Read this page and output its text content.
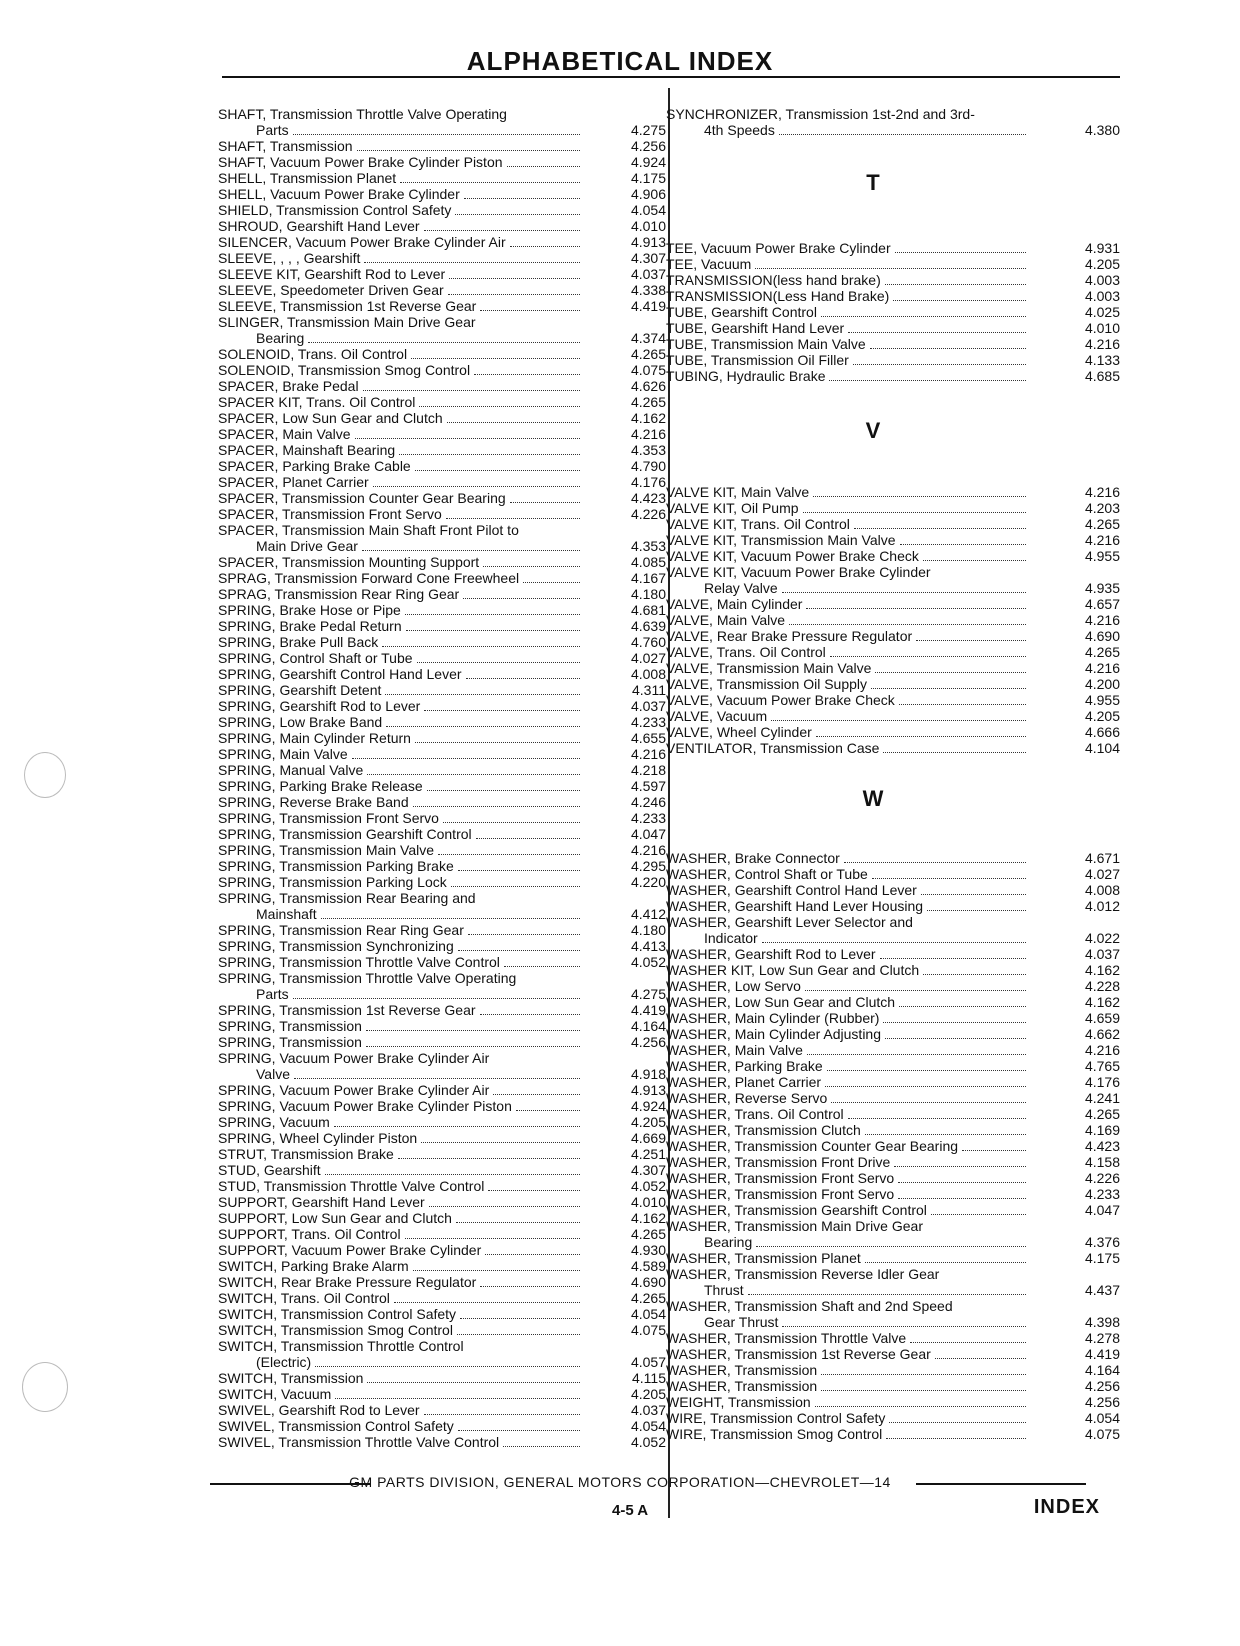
ALPHABETICAL INDEX
SHAFT, Transmission Throttle Valve Operating
Parts	4.275
SHAFT, Transmission	4.256
SHAFT, Vacuum Power Brake Cylinder Piston	4.924
SHELL, Transmission Planet	4.175
SHELL, Vacuum Power Brake Cylinder	4.906
SHIELD, Transmission Control Safety	4.054
SHROUD, Gearshift Hand Lever	4.010
SILENCER, Vacuum Power Brake Cylinder Air	4.913
SLEEVE, , , , Gearshift	4.307
SLEEVE KIT, Gearshift Rod to Lever	4.037
SLEEVE, Speedometer Driven Gear	4.338
SLEEVE, Transmission 1st Reverse Gear	4.419
SLINGER, Transmission Main Drive Gear
Bearing	4.374
SOLENOID, Trans. Oil Control	4.265
SOLENOID, Transmission Smog Control	4.075
SPACER, Brake Pedal	4.626
SPACER KIT, Trans. Oil Control	4.265
SPACER, Low Sun Gear and Clutch	4.162
SPACER, Main Valve	4.216
SPACER, Mainshaft Bearing	4.353
SPACER, Parking Brake Cable	4.790
SPACER, Planet Carrier	4.176
SPACER, Transmission Counter Gear Bearing	4.423
SPACER, Transmission Front Servo	4.226
SPACER, Transmission Main Shaft Front Pilot to
Main Drive Gear	4.353
SPACER, Transmission Mounting Support	4.085
SPRAG, Transmission Forward Cone Freewheel	4.167
SPRAG, Transmission Rear Ring Gear	4.180
SPRING, Brake Hose or Pipe	4.681
SPRING, Brake Pedal Return	4.639
SPRING, Brake Pull Back	4.760
SPRING, Control Shaft or Tube	4.027
SPRING, Gearshift Control Hand Lever	4.008
SPRING, Gearshift Detent	4.311
SPRING, Gearshift Rod to Lever	4.037
SPRING, Low Brake Band	4.233
SPRING, Main Cylinder Return	4.655
SPRING, Main Valve	4.216
SPRING, Manual Valve	4.218
SPRING, Parking Brake Release	4.597
SPRING, Reverse Brake Band	4.246
SPRING, Transmission Front Servo	4.233
SPRING, Transmission Gearshift Control	4.047
SPRING, Transmission Main Valve	4.216
SPRING, Transmission Parking Brake	4.295
SPRING, Transmission Parking Lock	4.220
SPRING, Transmission Rear Bearing and
Mainshaft	4.412
SPRING, Transmission Rear Ring Gear	4.180
SPRING, Transmission Synchronizing	4.413
SPRING, Transmission Throttle Valve Control	4.052
SPRING, Transmission Throttle Valve Operating
Parts	4.275
SPRING, Transmission 1st Reverse Gear	4.419
SPRING, Transmission	4.164
SPRING, Transmission	4.256
SPRING, Vacuum Power Brake Cylinder Air
Valve	4.918
SPRING, Vacuum Power Brake Cylinder Air	4.913
SPRING, Vacuum Power Brake Cylinder Piston	4.924
SPRING, Vacuum	4.205
SPRING, Wheel Cylinder Piston	4.669
STRUT, Transmission Brake	4.251
STUD, Gearshift	4.307
STUD, Transmission Throttle Valve Control	4.052
SUPPORT, Gearshift Hand Lever	4.010
SUPPORT, Low Sun Gear and Clutch	4.162
SUPPORT, Trans. Oil Control	4.265
SUPPORT, Vacuum Power Brake Cylinder	4.930
SWITCH, Parking Brake Alarm	4.589
SWITCH, Rear Brake Pressure Regulator	4.690
SWITCH, Trans. Oil Control	4.265
SWITCH, Transmission Control Safety	4.054
SWITCH, Transmission Smog Control	4.075
SWITCH, Transmission Throttle Control
(Electric)	4.057
SWITCH, Transmission	4.115
SWITCH, Vacuum	4.205
SWIVEL, Gearshift Rod to Lever	4.037
SWIVEL, Transmission Control Safety	4.054
SWIVEL, Transmission Throttle Valve Control	4.052
SYNCHRONIZER, Transmission 1st-2nd and 3rd-
4th Speeds	4.380
T
TEE, Vacuum Power Brake Cylinder	4.931
TEE, Vacuum	4.205
TRANSMISSION(less hand brake)	4.003
TRANSMISSION(Less Hand Brake)	4.003
TUBE, Gearshift Control	4.025
TUBE, Gearshift Hand Lever	4.010
TUBE, Transmission Main Valve	4.216
TUBE, Transmission Oil Filler	4.133
TUBING, Hydraulic Brake	4.685
V
VALVE KIT, Main Valve	4.216
VALVE KIT, Oil Pump	4.203
VALVE KIT, Trans. Oil Control	4.265
VALVE KIT, Transmission Main Valve	4.216
VALVE KIT, Vacuum Power Brake Check	4.955
VALVE KIT, Vacuum Power Brake Cylinder
Relay Valve	4.935
VALVE, Main Cylinder	4.657
VALVE, Main Valve	4.216
VALVE, Rear Brake Pressure Regulator	4.690
VALVE, Trans. Oil Control	4.265
VALVE, Transmission Main Valve	4.216
VALVE, Transmission Oil Supply	4.200
VALVE, Vacuum Power Brake Check	4.955
VALVE, Vacuum	4.205
VALVE, Wheel Cylinder	4.666
VENTILATOR, Transmission Case	4.104
W
WASHER, Brake Connector	4.671
WASHER, Control Shaft or Tube	4.027
WASHER, Gearshift Control Hand Lever	4.008
WASHER, Gearshift Hand Lever Housing	4.012
WASHER, Gearshift Lever Selector and
Indicator	4.022
WASHER, Gearshift Rod to Lever	4.037
WASHER KIT, Low Sun Gear and Clutch	4.162
WASHER, Low Servo	4.228
WASHER, Low Sun Gear and Clutch	4.162
WASHER, Main Cylinder (Rubber)	4.659
WASHER, Main Cylinder Adjusting	4.662
WASHER, Main Valve	4.216
WASHER, Parking Brake	4.765
WASHER, Planet Carrier	4.176
WASHER, Reverse Servo	4.241
WASHER, Trans. Oil Control	4.265
WASHER, Transmission Clutch	4.169
WASHER, Transmission Counter Gear Bearing	4.423
WASHER, Transmission Front Drive	4.158
WASHER, Transmission Front Servo	4.226
WASHER, Transmission Front Servo	4.233
WASHER, Transmission Gearshift Control	4.047
WASHER, Transmission Main Drive Gear
Bearing	4.376
WASHER, Transmission Planet	4.175
WASHER, Transmission Reverse Idler Gear
Thrust	4.437
WASHER, Transmission Shaft and 2nd Speed
Gear Thrust	4.398
WASHER, Transmission Throttle Valve	4.278
WASHER, Transmission 1st Reverse Gear	4.419
WASHER, Transmission	4.164
WASHER, Transmission	4.256
WEIGHT, Transmission	4.256
WIRE, Transmission Control Safety	4.054
WIRE, Transmission Smog Control	4.075
GM PARTS DIVISION, GENERAL MOTORS CORPORATION—CHEVROLET—14
4-5 A	INDEX
